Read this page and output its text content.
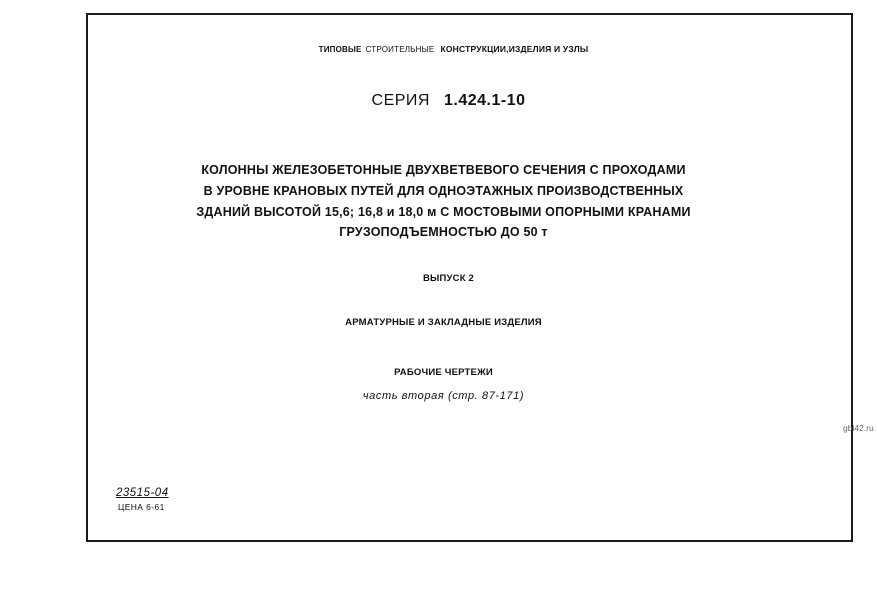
ТИПОВЫЕ СТРОИТЕЛЬНЫЕ КОНСТРУКЦИИ,ИЗДЕЛИЯ И УЗЛЫ
СЕРИЯ 1.424.1-10
КОЛОННЫ ЖЕЛЕЗОБЕТОННЫЕ ДВУХВЕТВЕВОГО СЕЧЕНИЯ С ПРОХОДАМИ
В УРОВНЕ КРАНОВЫХ ПУТЕЙ ДЛЯ ОДНОЭТАЖНЫХ ПРОИЗВОДСТВЕННЫХ
ЗДАНИЙ ВЫСОТОЙ 15,6; 16,8 и 18,0 м С МОСТОВЫМИ ОПОРНЫМИ КРАНАМИ
ГРУЗОПОДЪЕМНОСТЬЮ ДО 50 т
ВЫПУСК 2
АРМАТУРНЫЕ И ЗАКЛАДНЫЕ ИЗДЕЛИЯ
РАБОЧИЕ ЧЕРТЕЖИ
часть вторая (стр. 87-171)
23515-04
ЦЕНА 6-61
gbi42.ru
